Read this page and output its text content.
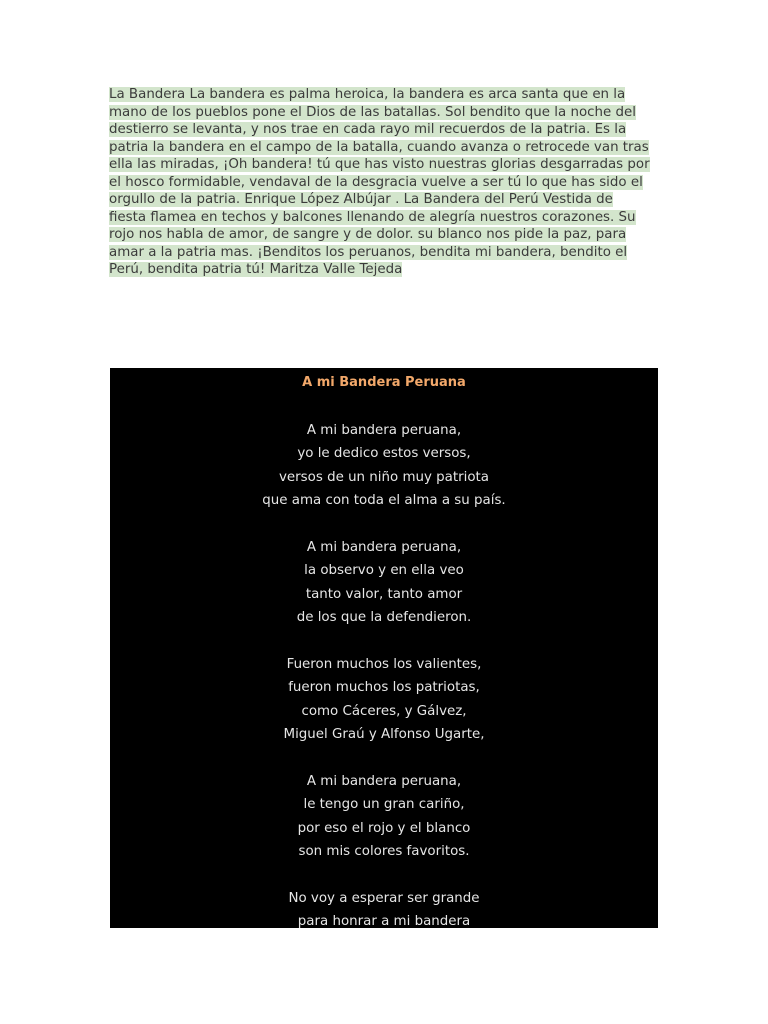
La Bandera La bandera es palma heroica, la bandera es arca santa que en la mano de los pueblos pone el Dios de las batallas. Sol bendito que la noche del destierro se levanta, y nos trae en cada rayo mil recuerdos de la patria. Es la patria la bandera en el campo de la batalla, cuando avanza o retrocede van tras ella las miradas, ¡Oh bandera! tú que has visto nuestras glorias desgarradas por el hosco formidable, vendaval de la desgracia vuelve a ser tú lo que has sido el orgullo de la patria. Enrique López Albújar . La Bandera del Perú Vestida de fiesta flamea en techos y balcones llenando de alegría nuestros corazones. Su rojo nos habla de amor, de sangre y de dolor. su blanco nos pide la paz, para amar a la patria mas. ¡Benditos los peruanos, bendita mi bandera, bendito el Perú, bendita patria tú! Maritza Valle Tejeda
A mi Bandera Peruana
A mi bandera peruana,
yo le dedico estos versos,
versos de un niño muy patriota
que ama con toda el alma a su país.
A mi bandera peruana,
la observo y en ella veo
tanto valor, tanto amor
de los que la defendieron.
Fueron muchos los valientes,
fueron muchos los patriotas,
como Cáceres, y Gálvez,
Miguel Graú y Alfonso Ugarte,
A mi bandera peruana,
le tengo un gran cariño,
por eso el rojo y el blanco
son mis colores favoritos.
No voy a esperar ser grande
para honrar a mi bandera
